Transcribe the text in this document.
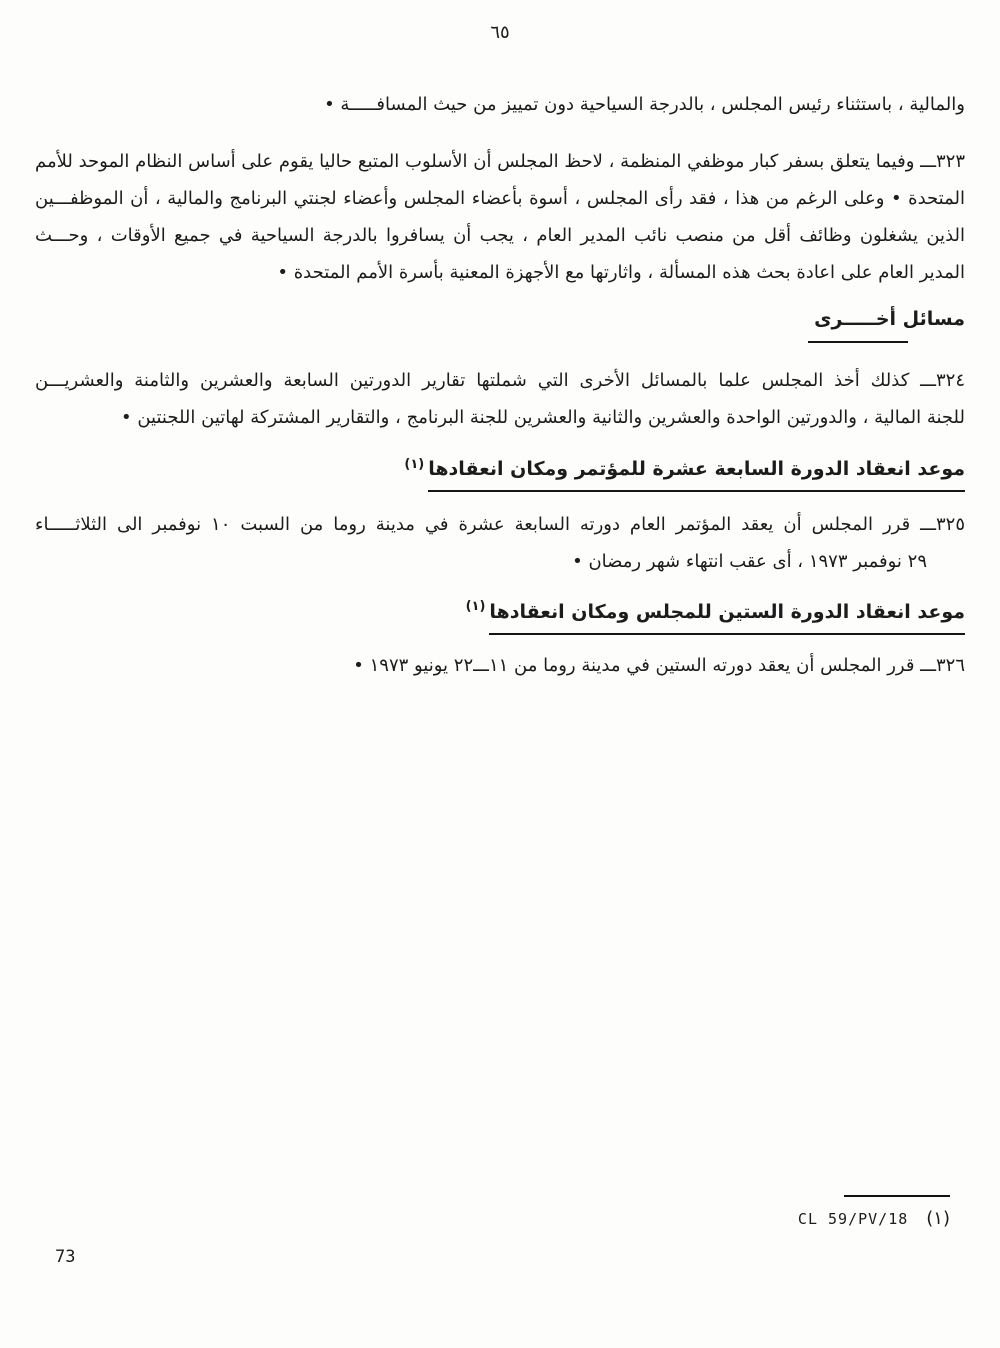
٦٥
والمالية ، باستثناء رئيس المجلس ، بالدرجة السياحية دون تمييز من حيث المسافـــــة •
٣٢٣ـــ وفيما يتعلق بسفر كبار موظفي المنظمة ، لاحظ المجلس أن الأسلوب المتبع حاليا يقوم على أساس النظام الموحد للأمم
المتحدة • وعلى الرغم من هذا ، فقد رأى المجلس ، أسوة بأعضاء المجلس وأعضاء لجنتي البرنامج والمالية ، أن الموظفـــين
الذين يشغلون وظائف أقل من منصب نائب المدير العام ، يجب أن يسافروا بالدرجة السياحية في جميع الأوقات ، وحـــث
المدير العام على اعادة بحث هذه المسألة ، واثارتها مع الأجهزة المعنية بأسرة الأمم المتحدة •
مسائل أخـــــرى
٣٢٤ـــ كذلك أخذ المجلس علما بالمسائل الأخرى التي شملتها تقارير الدورتين السابعة والعشرين والثامنة والعشريـــن
للجنة المالية ، والدورتين الواحدة والعشرين والثانية والعشرين للجنة البرنامج ، والتقارير المشتركة لهاتين اللجنتين •
موعد انعقاد الدورة السابعة عشرة للمؤتمر ومكان انعقادها(١)
٣٢٥ـــ قرر المجلس أن يعقد المؤتمر العام دورته السابعة عشرة في مدينة روما من السبت ١٠ نوفمبر الى الثلاثـــــاء
٢٩ نوفمبر ١٩٧٣ ، أى عقب انتهاء شهر رمضان •
موعد انعقاد الدورة الستين للمجلس ومكان انعقادها(١)
٣٢٦ـــ قرر المجلس أن يعقد دورته الستين في مدينة روما من ١١ـــ٢٢ يونيو ١٩٧٣ •
(١)
CL 59/PV/18
73
